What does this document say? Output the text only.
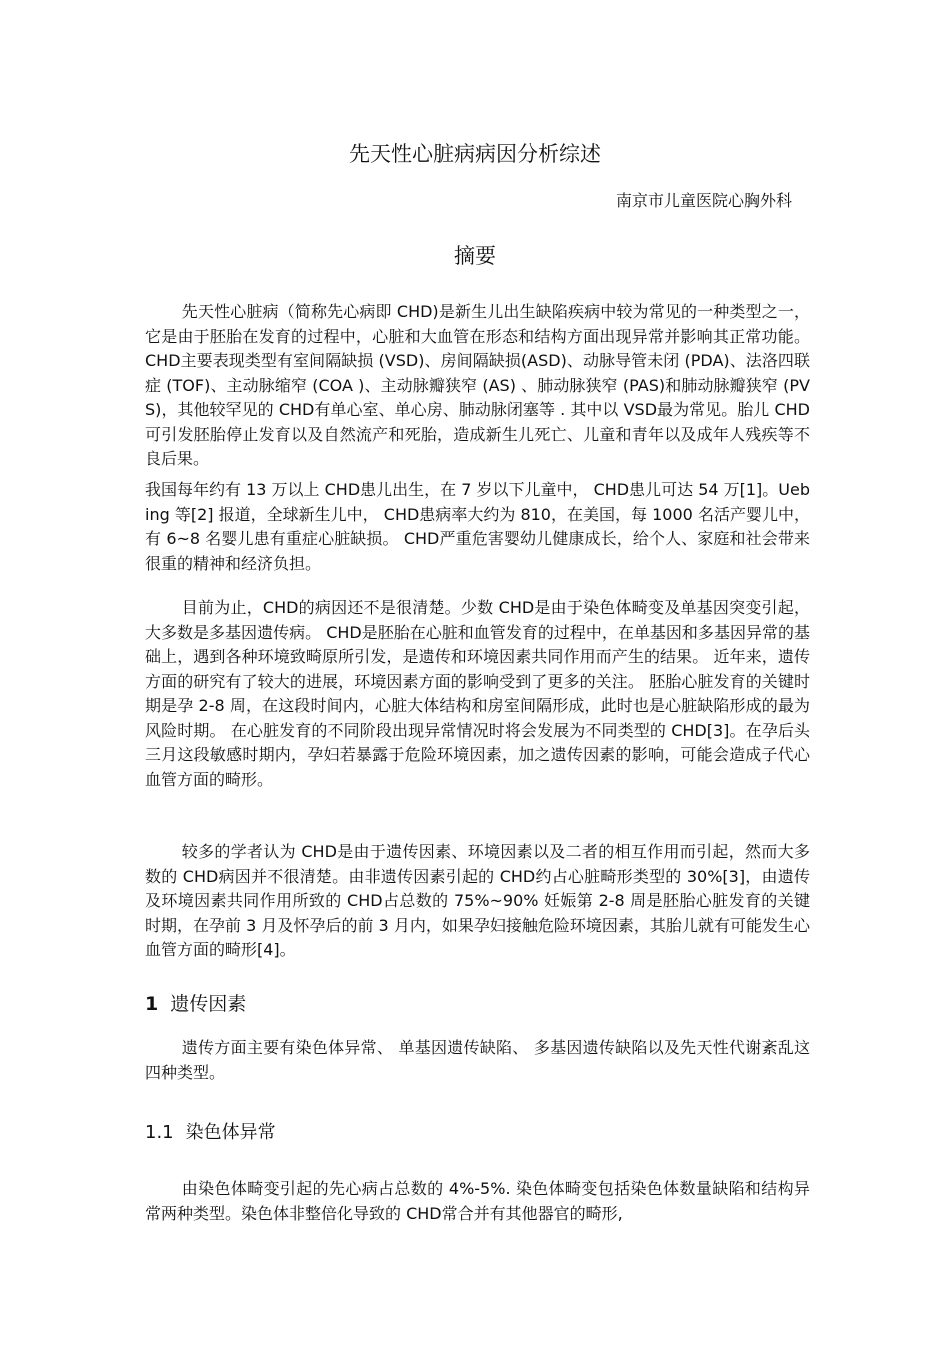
先天性心脏病病因分析综述

南京市儿童医院心胸外科

摘要

先天性心脏病（简称先心病即 CHD)是新生儿出生缺陷疾病中较为常见的一种类型之一，它是由于胚胎在发育的过程中，心脏和大血管在形态和结构方面出现异常并影响其正常功能。 CHD主要表现类型有室间隔缺损 (VSD)、房间隔缺损(ASD)、动脉导管未闭 (PDA)、法洛四联症 (TOF)、主动脉缩窄 (COA )、主动脉瓣狭窄 (AS) 、肺动脉狭窄 (PAS)和肺动脉瓣狭窄 (PVS)，其他较罕见的 CHD有单心室、单心房、肺动脉闭塞等 . 其中以 VSD最为常见。胎儿 CHD可引发胚胎停止发育以及自然流产和死胎，造成新生儿死亡、儿童和青年以及成年人残疾等不良后果。

我国每年约有 13 万以上 CHD患儿出生，在 7 岁以下儿童中， CHD患儿可达 54 万[1]。Uebing 等[2] 报道，全球新生儿中， CHD患病率大约为 810，在美国，每 1000 名活产婴儿中，有 6~8 名婴儿患有重症心脏缺损。 CHD严重危害婴幼儿健康成长，给个人、家庭和社会带来很重的精神和经济负担。

目前为止，CHD的病因还不是很清楚。少数 CHD是由于染色体畸变及单基因突变引起，大多数是多基因遗传病。 CHD是胚胎在心脏和血管发育的过程中，在单基因和多基因异常的基础上，遇到各种环境致畸原所引发，是遗传和环境因素共同作用而产生的结果。 近年来，遗传方面的研究有了较大的进展，环境因素方面的影响受到了更多的关注。 胚胎心脏发育的关键时期是孕 2-8 周，在这段时间内，心脏大体结构和房室间隔形成，此时也是心脏缺陷形成的最为风险时期。 在心脏发育的不同阶段出现异常情况时将会发展为不同类型的 CHD[3]。在孕后头三月这段敏感时期内，孕妇若暴露于危险环境因素，加之遗传因素的影响，可能会造成子代心血管方面的畸形。

较多的学者认为 CHD是由于遗传因素、环境因素以及二者的相互作用而引起，然而大多数的 CHD病因并不很清楚。由非遗传因素引起的 CHD约占心脏畸形类型的 30%[3]，由遗传及环境因素共同作用所致的 CHD占总数的 75%~90% 妊娠第 2-8 周是胚胎心脏发育的关键时期，在孕前 3 月及怀孕后的前 3 月内，如果孕妇接触危险环境因素，其胎儿就有可能发生心血管方面的畸形[4]。

1 遗传因素

遗传方面主要有染色体异常、 单基因遗传缺陷、 多基因遗传缺陷以及先天性代谢紊乱这四种类型。

1.1 染色体异常

由染色体畸变引起的先心病占总数的 4%-5%. 染色体畸变包括染色体数量缺陷和结构异常两种类型。染色体非整倍化导致的 CHD常合并有其他器官的畸形,
